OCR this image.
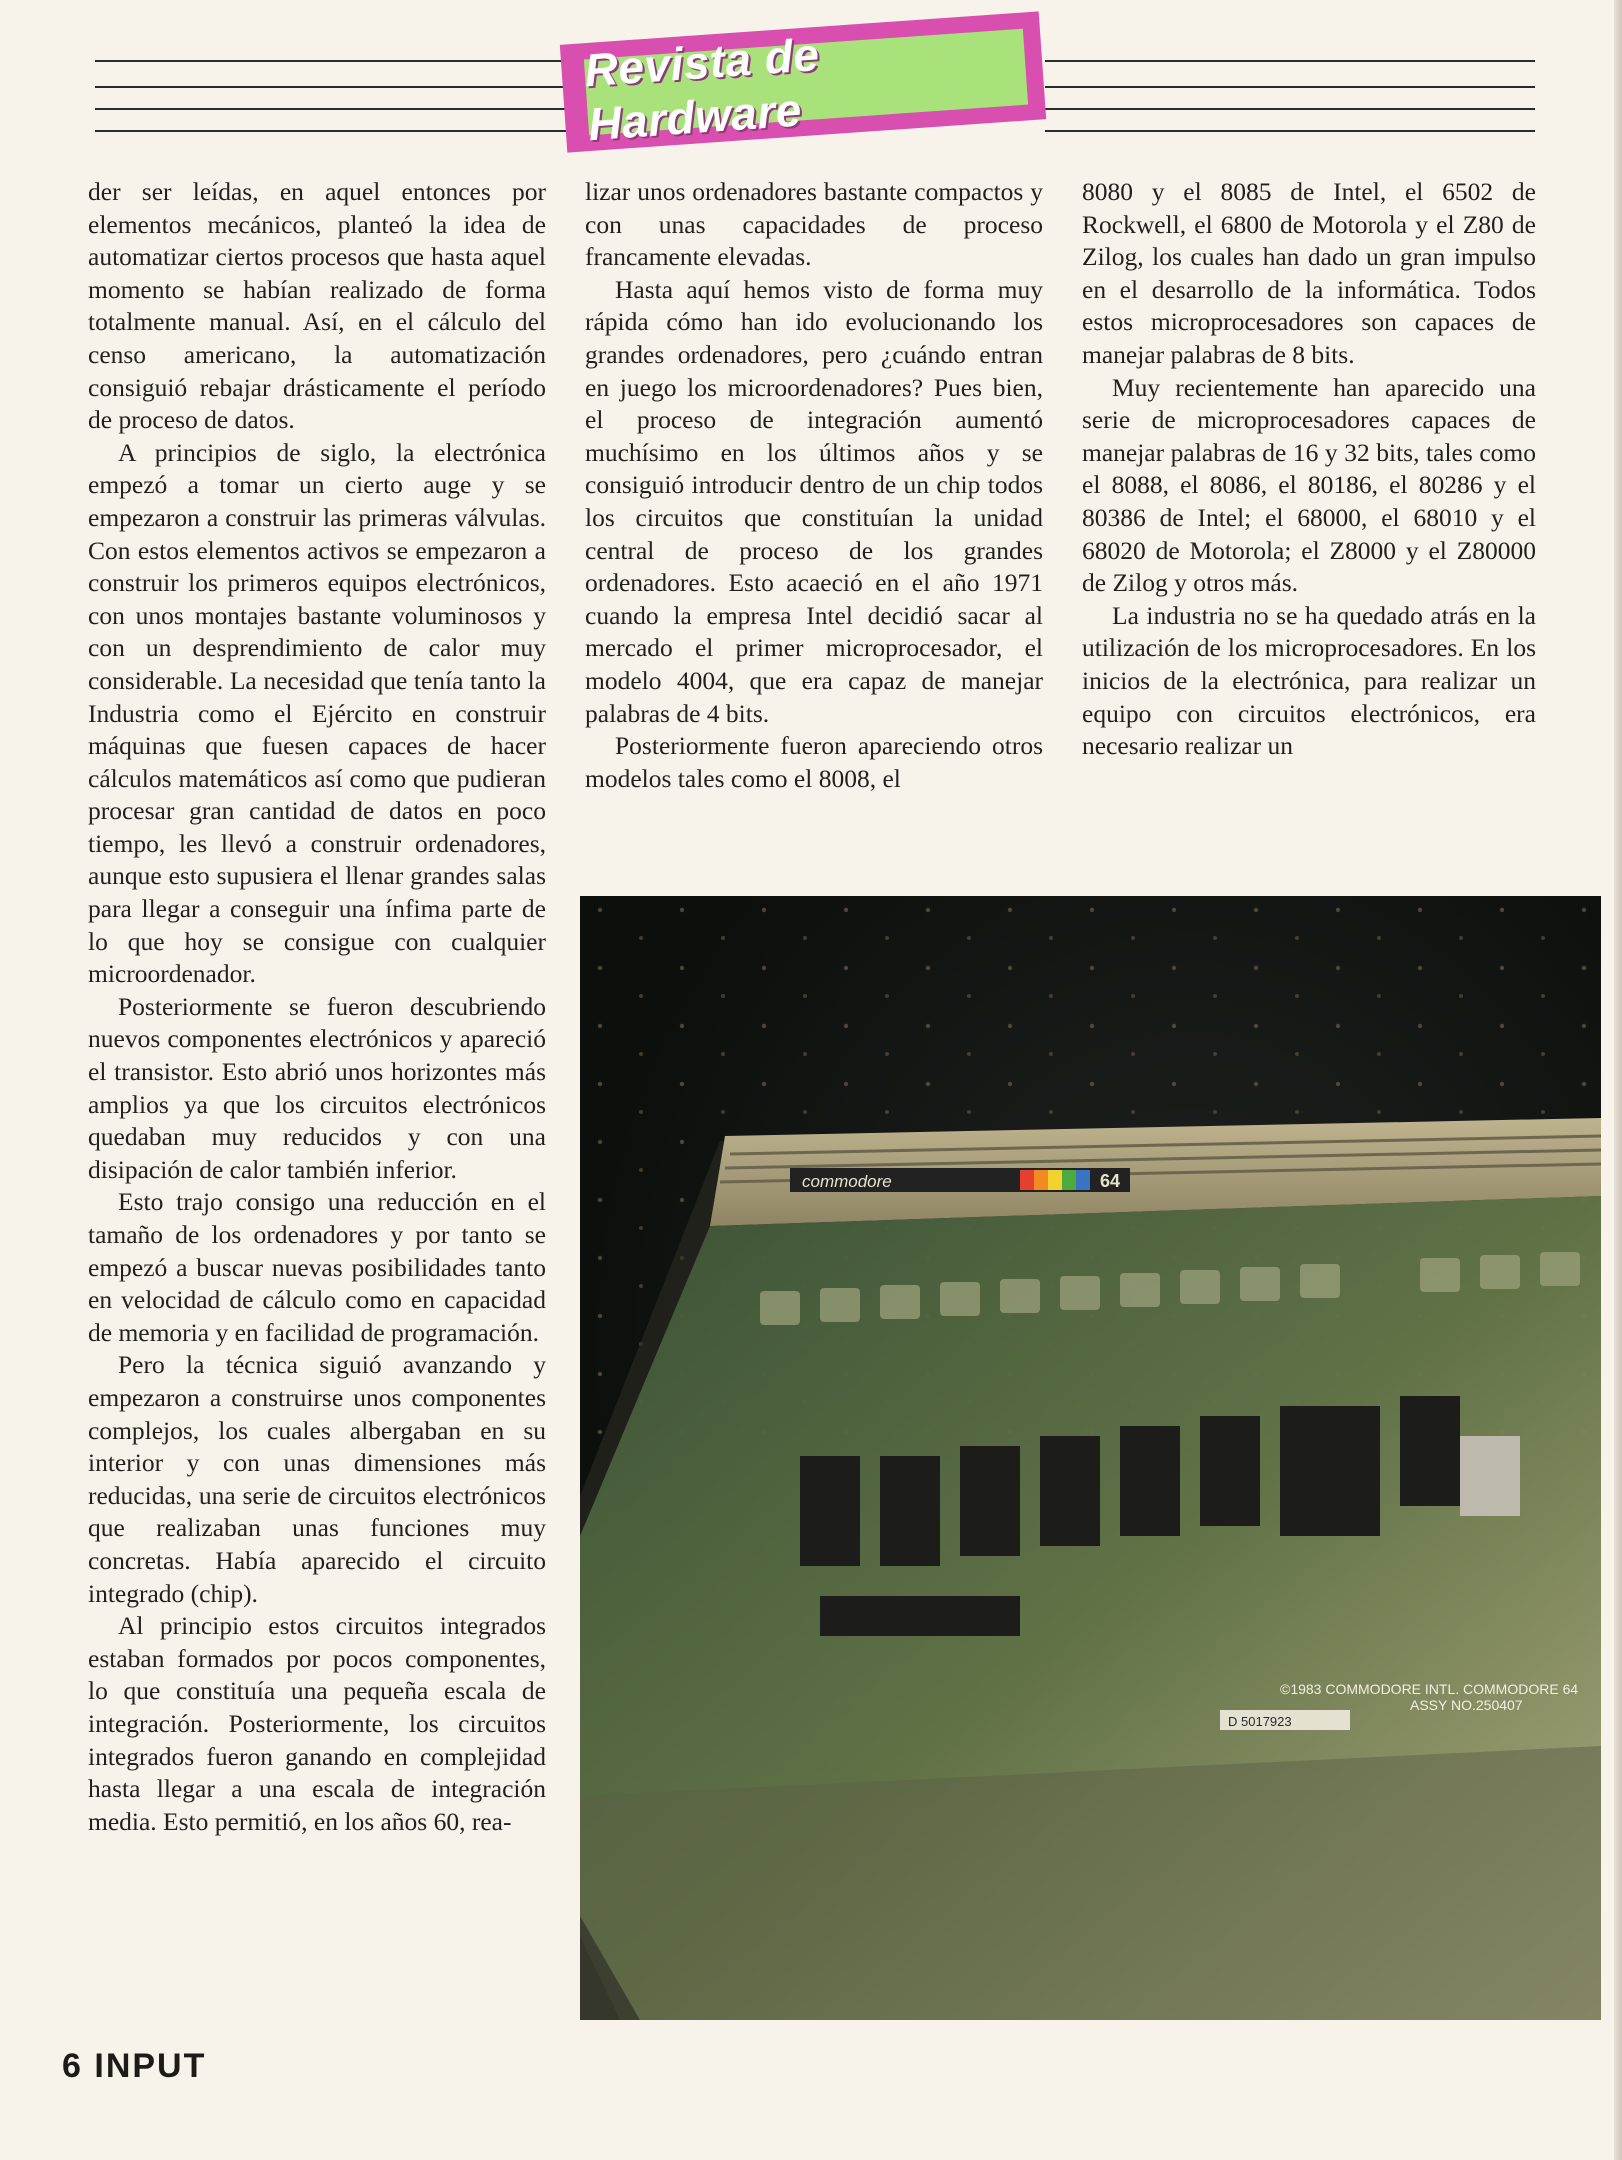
Revista de Hardware

der ser leídas, en aquel entonces por elementos mecánicos, planteó la idea de automatizar ciertos procesos que hasta aquel momento se habían realizado de forma totalmente manual. Así, en el cálculo del censo americano, la automatización consiguió rebajar drásticamente el período de proceso de datos.

A principios de siglo, la electrónica empezó a tomar un cierto auge y se empezaron a construir las primeras válvulas. Con estos elementos activos se empezaron a construir los primeros equipos electrónicos, con unos montajes bastante voluminosos y con un desprendimiento de calor muy considerable. La necesidad que tenía tanto la Industria como el Ejército en construir máquinas que fuesen capaces de hacer cálculos matemáticos así como que pudieran procesar gran cantidad de datos en poco tiempo, les llevó a construir ordenadores, aunque esto supusiera el llenar grandes salas para llegar a conseguir una ínfima parte de lo que hoy se consigue con cualquier microordenador.

Posteriormente se fueron descubriendo nuevos componentes electrónicos y apareció el transistor. Esto abrió unos horizontes más amplios ya que los circuitos electrónicos quedaban muy reducidos y con una disipación de calor también inferior.

Esto trajo consigo una reducción en el tamaño de los ordenadores y por tanto se empezó a buscar nuevas posibilidades tanto en velocidad de cálculo como en capacidad de memoria y en facilidad de programación.

Pero la técnica siguió avanzando y empezaron a construirse unos componentes complejos, los cuales albergaban en su interior y con unas dimensiones más reducidas, una serie de circuitos electrónicos que realizaban unas funciones muy concretas. Había aparecido el circuito integrado (chip).

Al principio estos circuitos integrados estaban formados por pocos componentes, lo que constituía una pequeña escala de integración. Posteriormente, los circuitos integrados fueron ganando en complejidad hasta llegar a una escala de integración media. Esto permitió, en los años 60, rea-

lizar unos ordenadores bastante compactos y con unas capacidades de proceso francamente elevadas.

Hasta aquí hemos visto de forma muy rápida cómo han ido evolucionando los grandes ordenadores, pero ¿cuándo entran en juego los microordenadores? Pues bien, el proceso de integración aumentó muchísimo en los últimos años y se consiguió introducir dentro de un chip todos los circuitos que constituían la unidad central de proceso de los grandes ordenadores. Esto acaeció en el año 1971 cuando la empresa Intel decidió sacar al mercado el primer microprocesador, el modelo 4004, que era capaz de manejar palabras de 4 bits.

Posteriormente fueron apareciendo otros modelos tales como el 8008, el

8080 y el 8085 de Intel, el 6502 de Rockwell, el 6800 de Motorola y el Z80 de Zilog, los cuales han dado un gran impulso en el desarrollo de la informática. Todos estos microprocesadores son capaces de manejar palabras de 8 bits.

Muy recientemente han aparecido una serie de microprocesadores capaces de manejar palabras de 16 y 32 bits, tales como el 8088, el 8086, el 80186, el 80286 y el 80386 de Intel; el 68000, el 68010 y el 68020 de Motorola; el Z8000 y el Z80000 de Zilog y otros más.

La industria no se ha quedado atrás en la utilización de los microprocesadores. En los inicios de la electrónica, para realizar un equipo con circuitos electrónicos, era necesario realizar un

commodore	64
©1983 COMMODORE INTL. COMMODORE 64
ASSY NO.250407
D 5017923
6 INPUT
